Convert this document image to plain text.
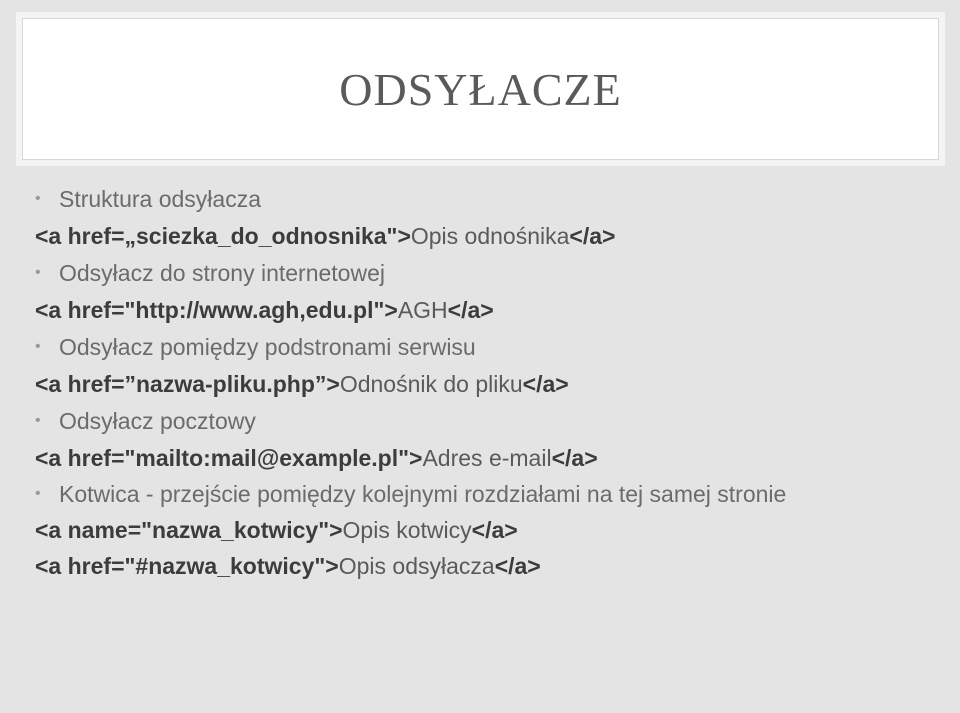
ODSYŁACZE
• Struktura odsyłacza
<a href=„sciezka_do_odnosnika">Opis odnośnika</a>
• Odsyłacz do strony internetowej
<a href="http://www.agh,edu.pl">AGH</a>
• Odsyłacz pomiędzy podstronami serwisu
<a href=”nazwa-pliku.php”>Odnośnik do pliku</a>
• Odsyłacz pocztowy
<a href="mailto:mail@example.pl">Adres e-mail</a>
• Kotwica - przejście pomiędzy kolejnymi rozdziałami na tej samej stronie
<a name="nazwa_kotwicy">Opis kotwicy</a>
<a href="#nazwa_kotwicy">Opis odsyłacza</a>
